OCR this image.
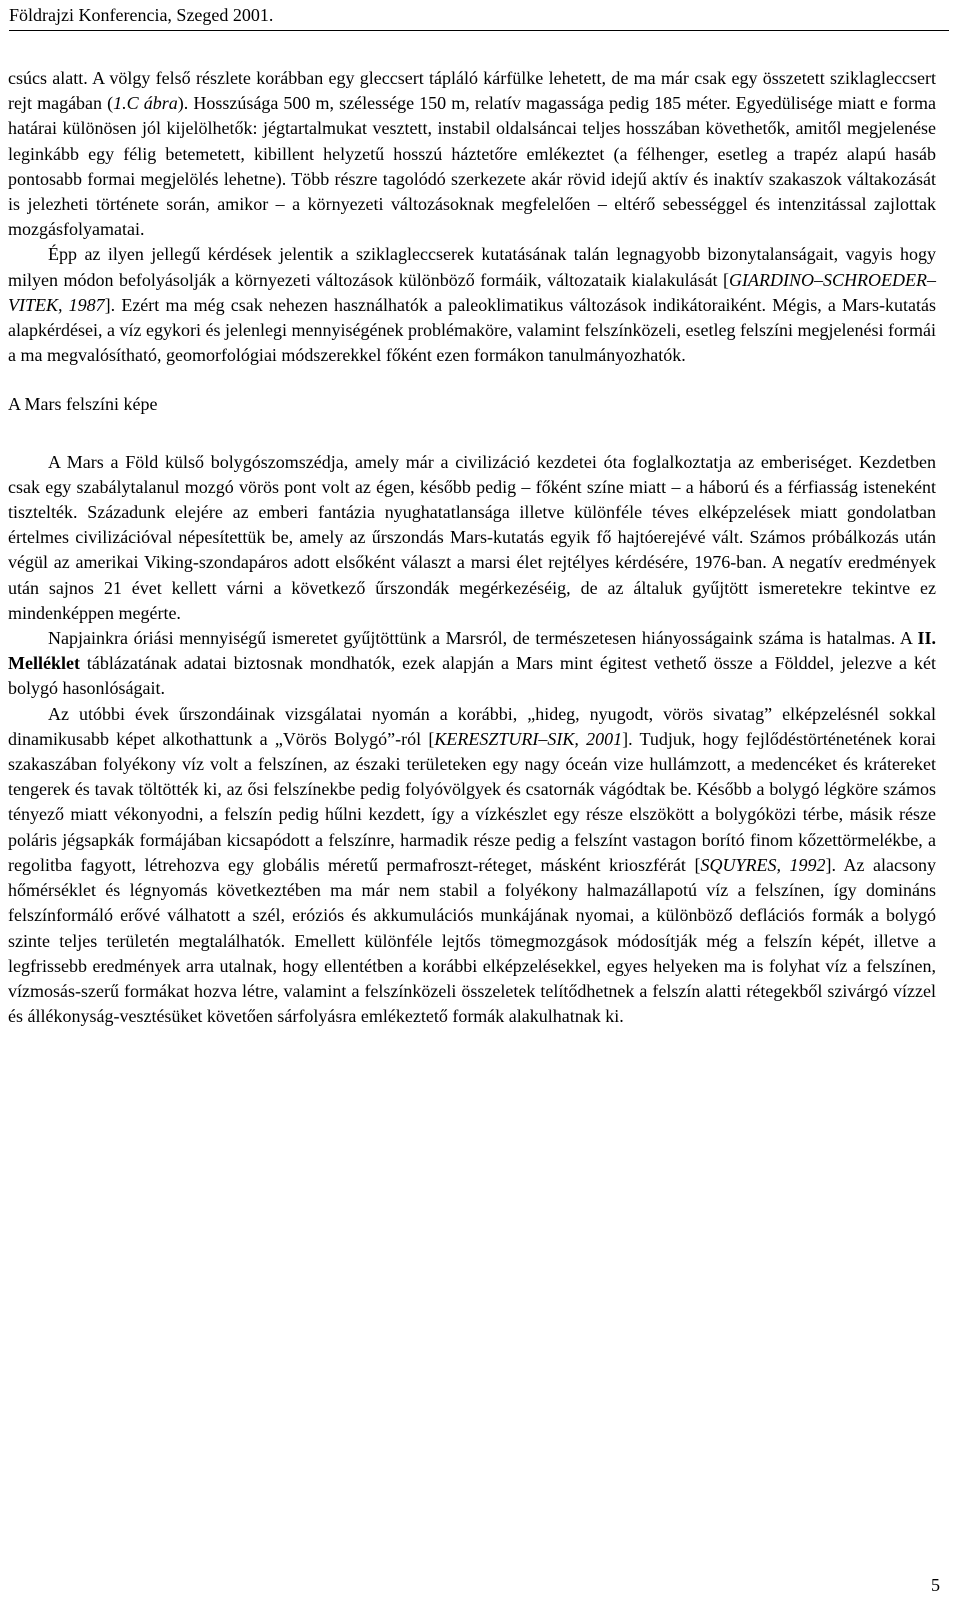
Földrajzi Konferencia, Szeged 2001.

csúcs alatt. A völgy felső részlete korábban egy gleccsert tápláló kárfülke lehetett, de ma már csak egy összetett sziklagleccsert rejt magában (1.C ábra). Hosszúsága 500 m, szélessége 150 m, relatív magassága pedig 185 méter. Egyedülisége miatt e forma határai különösen jól kijelölhetők: jégtartalmukat vesztett, instabil oldalsáncai teljes hosszában követhetők, amitől megjelenése leginkább egy félig betemetett, kibillent helyzetű hosszú háztetőre emlékeztet (a félhenger, esetleg a trapéz alapú hasáb pontosabb formai megjelölés lehetne). Több részre tagolódó szerkezete akár rövid idejű aktív és inaktív szakaszok váltakozását is jelezheti története során, amikor – a környezeti változásoknak megfelelően – eltérő sebességgel és intenzitással zajlottak mozgásfolyamatai.

Épp az ilyen jellegű kérdések jelentik a sziklagleccserek kutatásának talán legnagyobb bizonytalanságait, vagyis hogy milyen módon befolyásolják a környezeti változások különböző formáik, változataik kialakulását [GIARDINO–SCHROEDER–VITEK, 1987]. Ezért ma még csak nehezen használhatók a paleoklimatikus változások indikátoraiként. Mégis, a Mars-kutatás alapkérdései, a víz egykori és jelenlegi mennyiségének problémaköre, valamint felszínközeli, esetleg felszíni megjelenési formái a ma megvalósítható, geomorfológiai módszerekkel főként ezen formákon tanulmányozhatók.

A Mars felszíni képe

A Mars a Föld külső bolygószomszédja, amely már a civilizáció kezdetei óta foglalkoztatja az emberiséget. Kezdetben csak egy szabálytalanul mozgó vörös pont volt az égen, később pedig – főként színe miatt – a háború és a férfiasság isteneként tisztelték. Századunk elejére az emberi fantázia nyughatatlansága illetve különféle téves elképzelések miatt gondolatban értelmes civilizációval népesítettük be, amely az űrszondás Mars-kutatás egyik fő hajtóerejévé vált. Számos próbálkozás után végül az amerikai Viking-szondapáros adott elsőként választ a marsi élet rejtélyes kérdésére, 1976-ban. A negatív eredmények után sajnos 21 évet kellett várni a következő űrszondák megérkezéséig, de az általuk gyűjtött ismeretekre tekintve ez mindenképpen megérte.

Napjainkra óriási mennyiségű ismeretet gyűjtöttünk a Marsról, de természetesen hiányosságaink száma is hatalmas. A II. Melléklet táblázatának adatai biztosnak mondhatók, ezek alapján a Mars mint égitest vethető össze a Földdel, jelezve a két bolygó hasonlóságait.

Az utóbbi évek űrszondáinak vizsgálatai nyomán a korábbi, „hideg, nyugodt, vörös sivatag” elképzelésnél sokkal dinamikusabb képet alkothattunk a „Vörös Bolygó”-ról [KERESZTURI–SIK, 2001]. Tudjuk, hogy fejlődéstörténetének korai szakaszában folyékony víz volt a felszínen, az északi területeken egy nagy óceán vize hullámzott, a medencéket és krátereket tengerek és tavak töltötték ki, az ősi felszínekbe pedig folyóvölgyek és csatornák vágódtak be. Később a bolygó légköre számos tényező miatt vékonyodni, a felszín pedig hűlni kezdett, így a vízkészlet egy része elszökött a bolygóközi térbe, másik része poláris jégsapkák formájában kicsapódott a felszínre, harmadik része pedig a felszínt vastagon borító finom kőzettörmelékbe, a regolitba fagyott, létrehozva egy globális méretű permafroszt-réteget, másként krioszférát [SQUYRES, 1992]. Az alacsony hőmérséklet és légnyomás következtében ma már nem stabil a folyékony halmazállapotú víz a felszínen, így domináns felszínformáló erővé válhatott a szél, eróziós és akkumulációs munkájának nyomai, a különböző deflációs formák a bolygó szinte teljes területén megtalálhatók. Emellett különféle lejtős tömegmozgások módosítják még a felszín képét, illetve a legfrissebb eredmények arra utalnak, hogy ellentétben a korábbi elképzelésekkel, egyes helyeken ma is folyhat víz a felszínen, vízmosás-szerű formákat hozva létre, valamint a felszínközeli összeletek telítődhetnek a felszín alatti rétegekből szivárgó vízzel és állékonyság-vesztésüket követően sárfolyásra emlékeztető formák alakulhatnak ki.

5
